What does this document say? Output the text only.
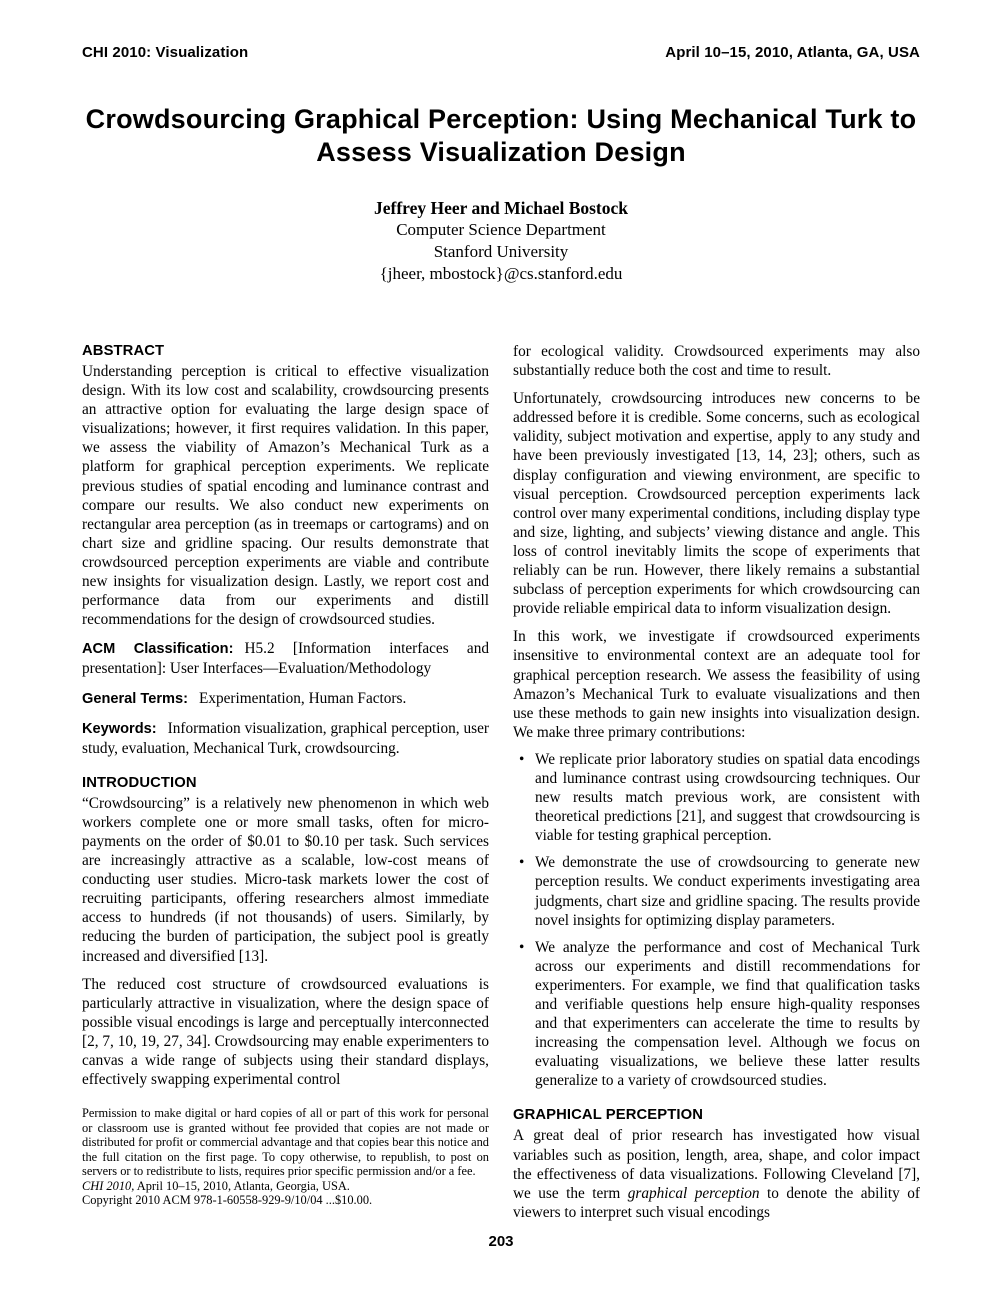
CHI 2010: Visualization	April 10–15, 2010, Atlanta, GA, USA
Crowdsourcing Graphical Perception: Using Mechanical Turk to Assess Visualization Design
Jeffrey Heer and Michael Bostock
Computer Science Department
Stanford University
{jheer, mbostock}@cs.stanford.edu
ABSTRACT

Understanding perception is critical to effective visualization design. With its low cost and scalability, crowdsourcing presents an attractive option for evaluating the large design space of visualizations; however, it first requires validation. In this paper, we assess the viability of Amazon’s Mechanical Turk as a platform for graphical perception experiments. We replicate previous studies of spatial encoding and luminance contrast and compare our results. We also conduct new experiments on rectangular area perception (as in treemaps or cartograms) and on chart size and gridline spacing. Our results demonstrate that crowdsourced perception experiments are viable and contribute new insights for visualization design. Lastly, we report cost and performance data from our experiments and distill recommendations for the design of crowdsourced studies.

ACM Classification: H5.2 [Information interfaces and presentation]: User Interfaces—Evaluation/Methodology

General Terms: Experimentation, Human Factors.

Keywords: Information visualization, graphical perception, user study, evaluation, Mechanical Turk, crowdsourcing.

INTRODUCTION

“Crowdsourcing” is a relatively new phenomenon in which web workers complete one or more small tasks, often for micro-payments on the order of $0.01 to $0.10 per task. Such services are increasingly attractive as a scalable, low-cost means of conducting user studies. Micro-task markets lower the cost of recruiting participants, offering researchers almost immediate access to hundreds (if not thousands) of users. Similarly, by reducing the burden of participation, the subject pool is greatly increased and diversified [13].

The reduced cost structure of crowdsourced evaluations is particularly attractive in visualization, where the design space of possible visual encodings is large and perceptually interconnected [2, 7, 10, 19, 27, 34]. Crowdsourcing may enable experimenters to canvas a wide range of subjects using their standard displays, effectively swapping experimental control

Permission to make digital or hard copies of all or part of this work for personal or classroom use is granted without fee provided that copies are not made or distributed for profit or commercial advantage and that copies bear this notice and the full citation on the first page. To copy otherwise, to republish, to post on servers or to redistribute to lists, requires prior specific permission and/or a fee.

CHI 2010, April 10–15, 2010, Atlanta, Georgia, USA.

Copyright 2010 ACM 978-1-60558-929-9/10/04 ...$10.00.

for ecological validity. Crowdsourced experiments may also substantially reduce both the cost and time to result.

Unfortunately, crowdsourcing introduces new concerns to be addressed before it is credible. Some concerns, such as ecological validity, subject motivation and expertise, apply to any study and have been previously investigated [13, 14, 23]; others, such as display configuration and viewing environment, are specific to visual perception. Crowdsourced perception experiments lack control over many experimental conditions, including display type and size, lighting, and subjects’ viewing distance and angle. This loss of control inevitably limits the scope of experiments that reliably can be run. However, there likely remains a substantial subclass of perception experiments for which crowdsourcing can provide reliable empirical data to inform visualization design.

In this work, we investigate if crowdsourced experiments insensitive to environmental context are an adequate tool for graphical perception research. We assess the feasibility of using Amazon’s Mechanical Turk to evaluate visualizations and then use these methods to gain new insights into visualization design. We make three primary contributions:

• We replicate prior laboratory studies on spatial data encodings and luminance contrast using crowdsourcing techniques. Our new results match previous work, are consistent with theoretical predictions [21], and suggest that crowdsourcing is viable for testing graphical perception.
• We demonstrate the use of crowdsourcing to generate new perception results. We conduct experiments investigating area judgments, chart size and gridline spacing. The results provide novel insights for optimizing display parameters.
• We analyze the performance and cost of Mechanical Turk across our experiments and distill recommendations for experimenters. For example, we find that qualification tasks and verifiable questions help ensure high-quality responses and that experimenters can accelerate the time to results by increasing the compensation level. Although we focus on evaluating visualizations, we believe these latter results generalize to a variety of crowdsourced studies.
GRAPHICAL PERCEPTION

A great deal of prior research has investigated how visual variables such as position, length, area, shape, and color impact the effectiveness of data visualizations. Following Cleveland [7], we use the term graphical perception to denote the ability of viewers to interpret such visual encodings

203
